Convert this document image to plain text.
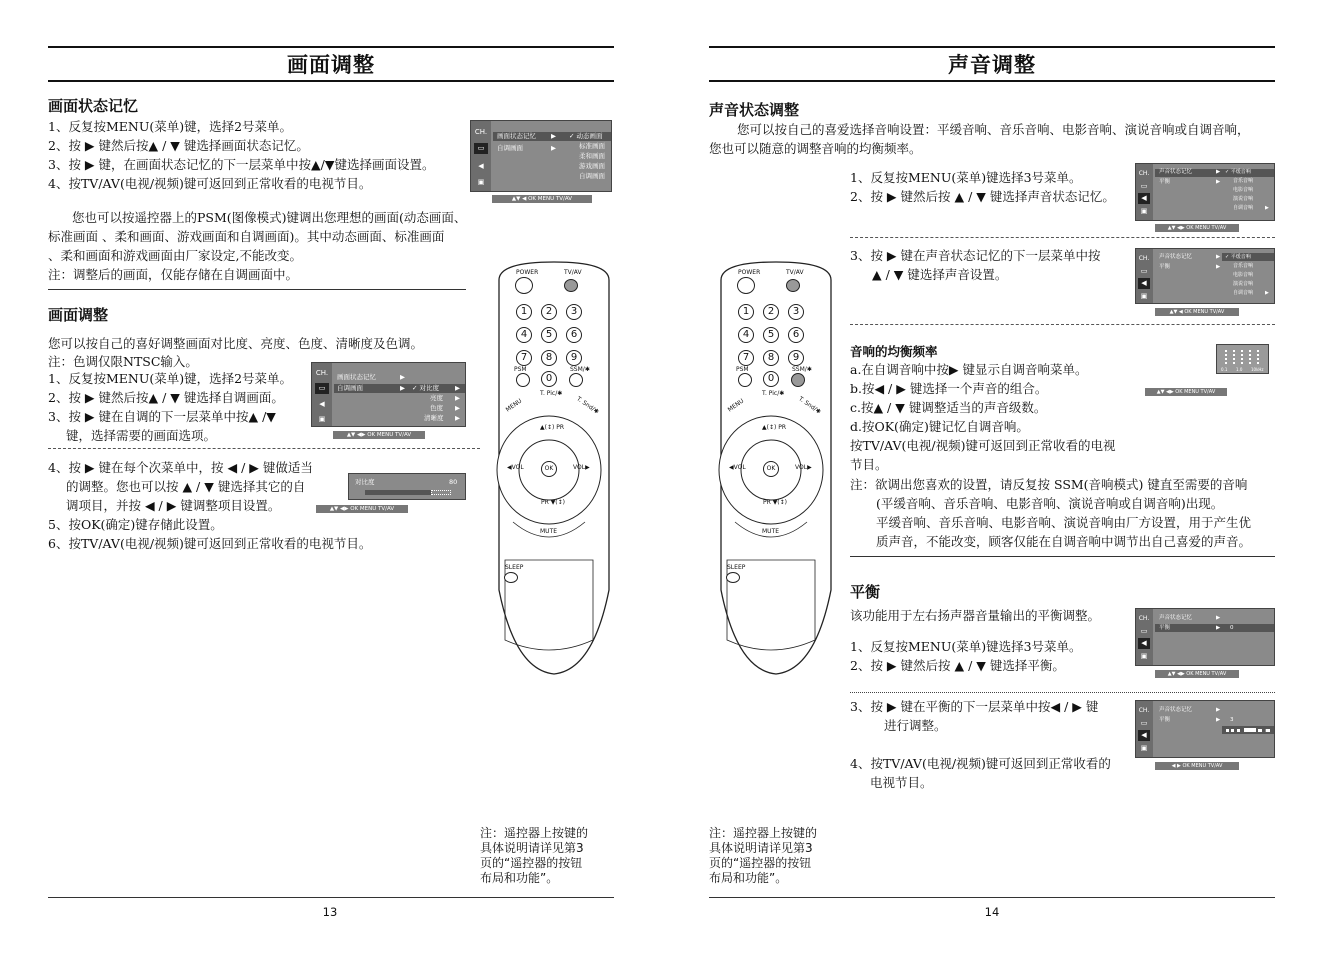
画面调整
画面状态记忆
1、反复按MENU(菜单)键，选择2号菜单。
2、按 ▶ 键然后按▲ / ▼ 键选择画面状态记忆。
3、按 ▶ 键，在画面状态记忆的下一层菜单中按▲/▼键选择画面设置。
4、按TV/AV(电视/视频)键可返回到正常收看的电视节目。
您也可以按遥控器上的PSM(图像模式)键调出您理想的画面(动态画面、
标准画面 、柔和画面、游戏画面和自调画面)。其中动态画面、标准画面
、柔和画面和游戏画面由厂家设定,不能改变。
注：调整后的画面，仅能存储在自调画面中。
CH.
▭
◀
▣
画面状态记忆 ▶
自调画面	▶
✓ 动态画面
标准画面
柔和画面
游戏画面
自调画面
▲▼ ◀ OK MENU TV/AV
画面调整
您可以按自己的喜好调整画面对比度、亮度、色度、清晰度及色调。
注：色调仅限NTSC输入。
1、反复按MENU(菜单)键，选择2号菜单。
2、按 ▶ 键然后按▲ / ▼ 键选择自调画面。
3、按 ▶ 键在自调的下一层菜单中按▲ /▼
键，选择需要的画面选项。
CH.
▭
◀
▣
画面状态记忆	▶
自调画面	▶ ✓ 对比度
亮度
色度
清晰度
▶
▶
▶
▶
▲▼ ◀▶ OK MENU TV/AV
4、按 ▶ 键在每个次菜单中，按 ◀ / ▶ 键做适当
的调整。您也可以按 ▲ / ▼ 键选择其它的自
调项目，并按 ◀ / ▶ 键调整项目设置。
5、按OK(确定)键存储此设置。
6、按TV/AV(电视/视频)键可返回到正常收看的电视节目。
对比度	80
▲▼ ◀▶ OK MENU TV/AV
POWER	TV/AV
1	2	3
4	5	6
7	8	9
PSM
0
SSM/✱
MENU
T. Pic/✱
T. Snd/✱
▲(↕) PR
◀VOL	OK	VOL▶
PR ▼(↕)
MUTE
SLEEP
注：遥控器上按键的
具体说明请详见第3
页的“遥控器的按钮
布局和功能”。
13
声音调整
声音状态调整
您可以按自己的喜爱选择音响设置：平缓音响、音乐音响、电影音响、演说音响或自调音响，
您也可以随意的调整音响的均衡频率。
1、反复按MENU(菜单)键选择3号菜单。
2、按 ▶ 键然后按 ▲ / ▼ 键选择声音状态记忆。
CH.
▭
◀
▣
声音状态记忆	▶
平衡	▶
✓ 平缓音响
音乐音响
电影音响
演说音响
自调音响 ▶
▲▼ ◀▶ OK MENU TV/AV
3、按 ▶ 键在声音状态记忆的下一层菜单中按
▲ / ▼ 键选择声音设置。
CH.
▭
◀
▣
声音状态记忆	▶
平衡	▶
✓ 平缓音响
音乐音响
电影音响
演说音响
自调音响 ▶
▲▼ ◀ OK MENU TV/AV
音响的均衡频率
a.在自调音响中按▶ 键显示自调音响菜单。
b.按◀ / ▶ 键选择一个声音的组合。
c.按▲ / ▼ 键调整适当的声音级数。
d.按OK(确定)键记忆自调音响。
按TV/AV(电视/视频)键可返回到正常收看的电视
节目。
注：欲调出您喜欢的设置，请反复按 SSM(音响模式) 键直至需要的音响
(平缓音响、音乐音响、电影音响、演说音响或自调音响)出现。
平缓音响、音乐音响、电影音响、演说音响由厂方设置，用于产生优
质声音，不能改变，顾客仅能在自调音响中调节出自己喜爱的声音。
0.1 1.0 10kHz
▲▼ ◀▶ OK MENU TV/AV
平衡
该功能用于左右扬声器音量输出的平衡调整。
1、反复按MENU(菜单)键选择3号菜单。
2、按 ▶ 键然后按 ▲ / ▼ 键选择平衡。
CH.
▭
◀
▣
声音状态记忆	▶
平衡	▶ 0
▲▼ ◀▶ OK MENU TV/AV
3、按 ▶ 键在平衡的下一层菜单中按◀ / ▶ 键
进行调整。
CH.
▭
◀
▣
声音状态记忆	▶
平衡	▶ 3
◀ ▶ OK MENU TV/AV
4、按TV/AV(电视/视频)键可返回到正常收看的
电视节目。
POWER	TV/AV
1	2	3
4	5	6
7	8	9
PSM
0
SSM/✱
MENU
T. Pic/✱
T. Snd/✱
▲(↕) PR
◀VOL	OK	VOL▶
PR ▼(↕)
MUTE
SLEEP
注：遥控器上按键的
具体说明请详见第3
页的“遥控器的按钮
布局和功能”。
14
